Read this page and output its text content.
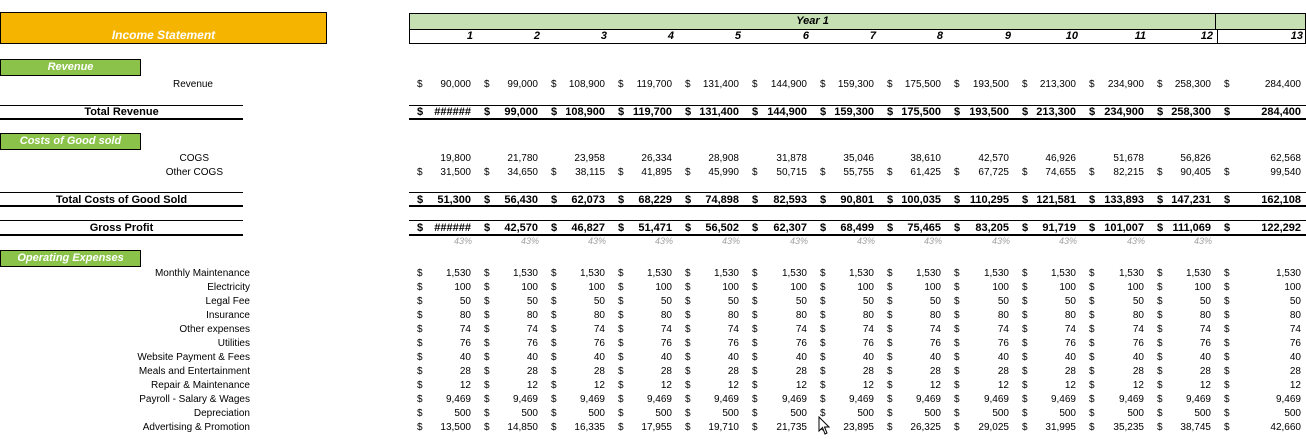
Income Statement
Year 1
1	2	3	4	5	6	7	8	9	10	11	12	13
Revenue
Costs of Good sold
Operating Expenses
Revenue	$ 90,000 $ 99,000 $ 108,900 $ 119,700 $ 131,400 $ 144,900 $ 159,300 $ 175,500 $ 193,500 $ 213,300 $ 234,900 $ 258,300 $	284,400
Total Revenue	$ ###### $ 99,000 $ 108,900 $ 119,700 $ 131,400 $ 144,900 $ 159,300 $ 175,500 $ 193,500 $ 213,300 $ 234,900 $ 258,300 $	284,400
COGS	19,800	21,780	23,958	26,334	28,908	31,878	35,046	38,610	42,570	46,926	51,678	56,826	62,568
Other COGS	$ 31,500 $ 34,650 $ 38,115 $ 41,895 $ 45,990 $ 50,715 $ 55,755 $ 61,425 $ 67,725 $ 74,655 $ 82,215 $ 90,405 $	99,540
Total Costs of Good Sold	$ 51,300 $ 56,430 $ 62,073 $ 68,229 $ 74,898 $ 82,593 $ 90,801 $ 100,035 $ 110,295 $ 121,581 $ 133,893 $ 147,231 $	162,108
Gross Profit	$ ###### $ 42,570 $ 46,827 $ 51,471 $ 56,502 $ 62,307 $ 68,499 $ 75,465 $ 83,205 $ 91,719 $ 101,007 $ 111,069 $	122,292
43%	43%	43%	43%	43%	43%	43%	43%	43%	43%	43%	43%
Monthly Maintenance	$ 1,530 $ 1,530 $ 1,530 $ 1,530 $ 1,530 $ 1,530 $ 1,530 $ 1,530 $ 1,530 $ 1,530 $ 1,530 $ 1,530 $	1,530
Electricity	$	100 $	100 $	100 $	100 $	100 $	100 $	100 $	100 $	100 $	100 $	100 $	100 $	100
Legal Fee	$	50 $	50 $	50 $	50 $	50 $	50 $	50 $	50 $	50 $	50 $	50 $	50 $	50
Insurance	$	80 $	80 $	80 $	80 $	80 $	80 $	80 $	80 $	80 $	80 $	80 $	80 $	80
Other expenses	$	74 $	74 $	74 $	74 $	74 $	74 $	74 $	74 $	74 $	74 $	74 $	74 $	74
Utilities	$	76 $	76 $	76 $	76 $	76 $	76 $	76 $	76 $	76 $	76 $	76 $	76 $	76
Website Payment & Fees	$	40 $	40 $	40 $	40 $	40 $	40 $	40 $	40 $	40 $	40 $	40 $	40 $	40
Meals and Entertainment	$	28 $	28 $	28 $	28 $	28 $	28 $	28 $	28 $	28 $	28 $	28 $	28 $	28
Repair & Maintenance	$	12 $	12 $	12 $	12 $	12 $	12 $	12 $	12 $	12 $	12 $	12 $	12 $	12
Payroll - Salary & Wages	$ 9,469 $ 9,469 $ 9,469 $ 9,469 $ 9,469 $ 9,469 $ 9,469 $ 9,469 $ 9,469 $ 9,469 $ 9,469 $ 9,469 $	9,469
Depreciation	$	500 $	500 $	500 $	500 $	500 $	500 $	500 $	500 $	500 $	500 $	500 $	500 $	500
Advertising & Promotion	$ 13,500 $ 14,850 $ 16,335 $ 17,955 $ 19,710 $ 21,735	23,895 $ 26,325 $ 29,025 $ 31,995 $ 35,235 $ 38,745 $	42,660
